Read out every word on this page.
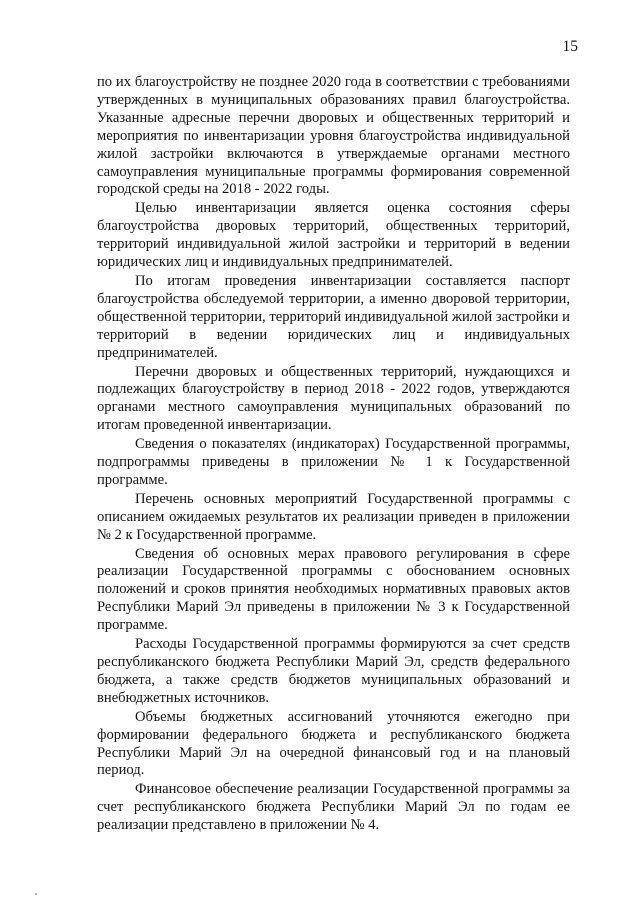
15

по их благоустройству не позднее 2020 года в соответствии с требованиями утвержденных в муниципальных образованиях правил благоустройства. Указанные адресные перечни дворовых и общественных территорий и мероприятия по инвентаризации уровня благоустройства индивидуальной жилой застройки включаются в утверждаемые органами местного самоуправления муниципальные программы формирования современной городской среды на 2018 - 2022 годы.

Целью инвентаризации является оценка состояния сферы благоустройства дворовых территорий, общественных территорий, территорий индивидуальной жилой застройки и территорий в ведении юридических лиц и индивидуальных предпринимателей.

По итогам проведения инвентаризации составляется паспорт благоустройства обследуемой территории, а именно дворовой территории, общественной территории, территорий индивидуальной жилой застройки и территорий в ведении юридических лиц и индивидуальных предпринимателей.

Перечни дворовых и общественных территорий, нуждающихся и подлежащих благоустройству в период 2018 - 2022 годов, утверждаются органами местного самоуправления муниципальных образований по итогам проведенной инвентаризации.

Сведения о показателях (индикаторах) Государственной программы, подпрограммы приведены в приложении № 1 к Государственной программе.

Перечень основных мероприятий Государственной программы с описанием ожидаемых результатов их реализации приведен в приложении № 2 к Государственной программе.

Сведения об основных мерах правового регулирования в сфере реализации Государственной программы с обоснованием основных положений и сроков принятия необходимых нормативных правовых актов Республики Марий Эл приведены в приложении № 3 к Государственной программе.

Расходы Государственной программы формируются за счет средств республиканского бюджета Республики Марий Эл, средств федерального бюджета, а также средств бюджетов муниципальных образований и внебюджетных источников.

Объемы бюджетных ассигнований уточняются ежегодно при формировании федерального бюджета и республиканского бюджета Республики Марий Эл на очередной финансовый год и на плановый период.

Финансовое обеспечение реализации Государственной программы за счет республиканского бюджета Республики Марий Эл по годам ее реализации представлено в приложении № 4.
